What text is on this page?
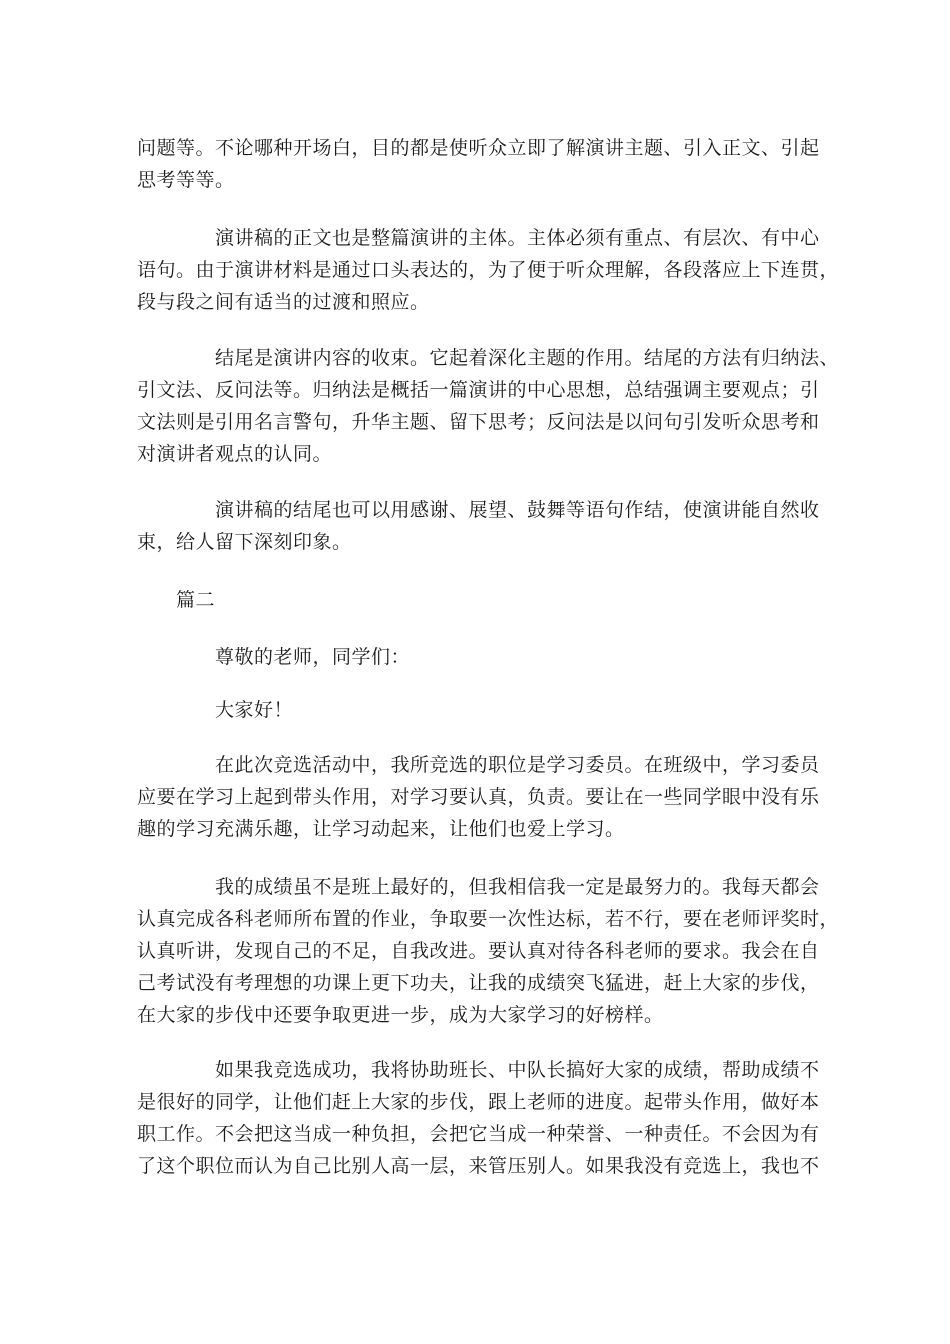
问题等。不论哪种开场白，目的都是使听众立即了解演讲主题、引入正文、引起
思考等等。
　　　　演讲稿的正文也是整篇演讲的主体。主体必须有重点、有层次、有中心
语句。由于演讲材料是通过口头表达的，为了便于听众理解，各段落应上下连贯，
段与段之间有适当的过渡和照应。
　　　　结尾是演讲内容的收束。它起着深化主题的作用。结尾的方法有归纳法、
引文法、反问法等。归纳法是概括一篇演讲的中心思想，总结强调主要观点；引
文法则是引用名言警句，升华主题、留下思考；反问法是以问句引发听众思考和
对演讲者观点的认同。
　　　　演讲稿的结尾也可以用感谢、展望、鼓舞等语句作结，使演讲能自然收
束，给人留下深刻印象。
　　篇二
　　　　尊敬的老师，同学们：
　　　　大家好！
　　　　在此次竞选活动中，我所竞选的职位是学习委员。在班级中，学习委员
应要在学习上起到带头作用，对学习要认真，负责。要让在一些同学眼中没有乐
趣的学习充满乐趣，让学习动起来，让他们也爱上学习。
　　　　我的成绩虽不是班上最好的，但我相信我一定是最努力的。我每天都会
认真完成各科老师所布置的作业，争取要一次性达标，若不行，要在老师评奖时，
认真听讲，发现自己的不足，自我改进。要认真对待各科老师的要求。我会在自
己考试没有考理想的功课上更下功夫，让我的成绩突飞猛进，赶上大家的步伐，
在大家的步伐中还要争取更进一步，成为大家学习的好榜样。
　　　　如果我竞选成功，我将协助班长、中队长搞好大家的成绩，帮助成绩不
是很好的同学，让他们赶上大家的步伐，跟上老师的进度。起带头作用，做好本
职工作。不会把这当成一种负担，会把它当成一种荣誉、一种责任。不会因为有
了这个职位而认为自己比别人高一层，来管压别人。如果我没有竞选上，我也不
